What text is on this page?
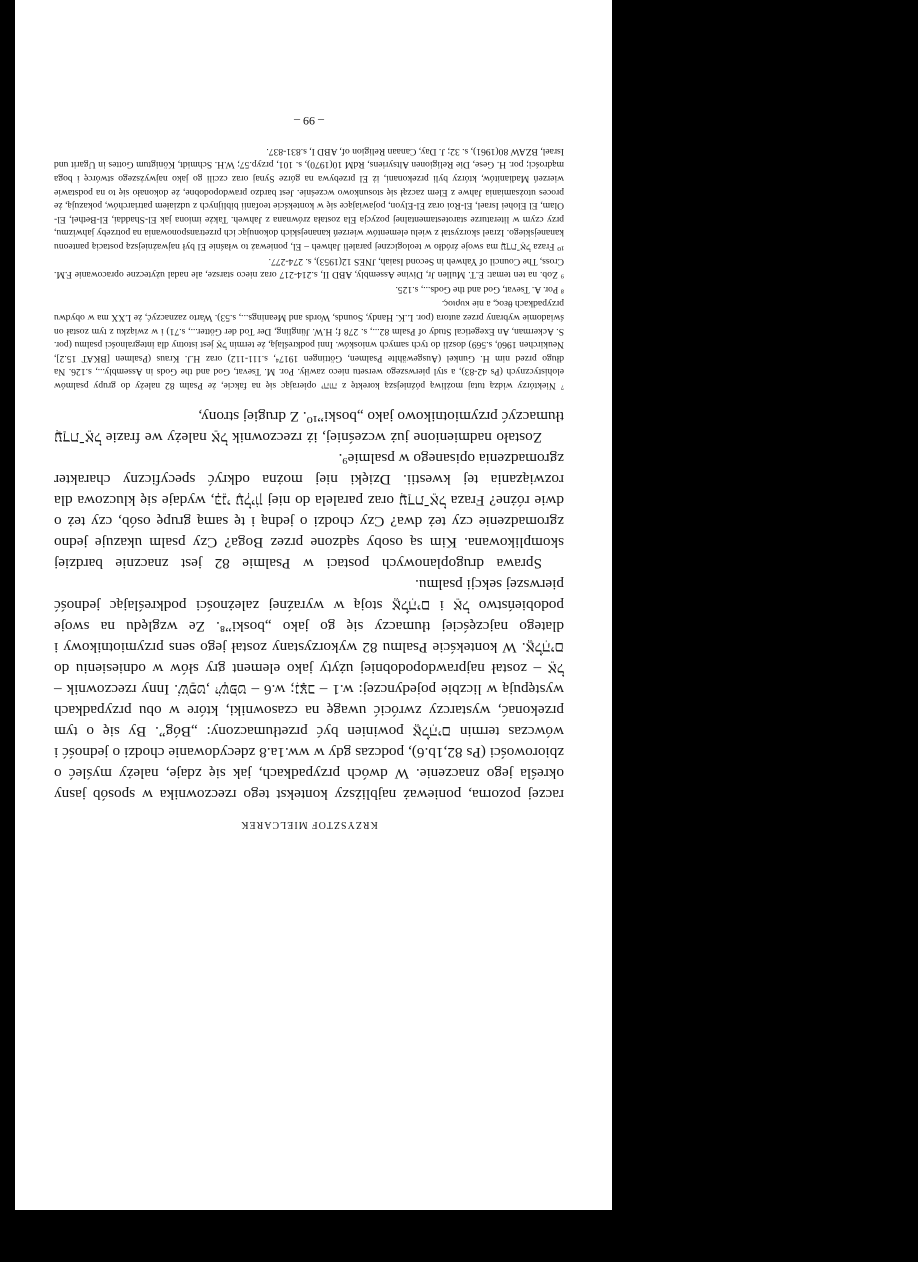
KRZYSZTOF MIELCAREK

raczej pozorna, ponieważ najbliższy kontekst tego rzeczownika w sposób jasny określa jego znaczenie. W dwóch przypadkach, jak się zdaje, należy myśleć o zbiorowości (Ps 82,1b.6), podczas gdy w ww.1a.8 zdecydowanie chodzi o jedność i wówczas termin אֱלֹהִים powinien być przetłumaczony: „Bóg”. By się o tym przekonać, wystarczy zwrócić uwagę na czasowniki, które w obu przypadkach występują w liczbie pojedynczej: w.1 – נִצָּב; w.6 – שֹׁפֵט, יִשְׁפֹּט. Inny rzeczownik – אֵל – został najprawdopodobniej użyty jako element gry słów w odniesieniu do אֱלֹהִים. W kontekście Psalmu 82 wykorzystany został jego sens przymiotnikowy i dlatego najczęściej tłumaczy się go jako „boski”⁸. Ze względu na swoje podobieństwo אֵל i אֱלֹהִים stoją w wyraźnej zależności podkreślając jedność pierwszej sekcji psalmu.

Sprawa drugoplanowych postaci w Psalmie 82 jest znacznie bardziej skomplikowana. Kim są osoby sądzone przez Boga? Czy psalm ukazuje jedno zgromadzenie czy też dwa? Czy chodzi o jedną i tę samą grupę osób, czy też o dwie różne? Fraza עֲדַת־אֵל oraz paralela do niej בְּנֵי עֶלְיוֹן, wydaje się kluczowa dla rozwiązania tej kwestii. Dzięki niej można odkryć specyficzny charakter zgromadzenia opisanego w psalmie⁹.

Zostało nadmienione już wcześniej, iż rzeczownik אֵל należy we frazie עֲדַת־אֵל tłumaczyć przymiotnikowo jako „boski”¹⁰. Z drugiej strony,

⁷ Niektórzy widzą tutaj możliwą późniejszą korektę z יהוה opierając się na fakcie, że Psalm 82 należy do grupy psalmów elohistycznych (Ps 42-83), a styl pierwszego wersetu nieco zawiły. Por. M. Tsevat, God and the Gods in Assembly..., s.126. Na długo przed nim H. Gunkel (Ausgewählte Psalmen, Göttingen 1917⁴, s.111-112) oraz H.J. Kraus (Psalmen [BKAT 15.2], Neukirchen 1960, s.569) doszli do tych samych wniosków. Inni podkreślają, że termin אֵל jest istotny dla integralności psalmu (por. S. Ackerman, An Exegetical Study of Psalm 82..., s. 278 f; H.W. Jüngling, Der Tod der Götter..., s.71) i w związku z tym został on świadomie wybrany przez autora (por. L.K. Handy, Sounds, Words and Meanings..., s.53). Warto zaznaczyć, że LXX ma w obydwu przypadkach θεος, a nie κυριος.

⁸ Por. A. Tsevat, God and the Gods..., s.125.

⁹ Zob. na ten temat: E.T. Mullen Jr, Divine Assembly, ABD II, s.214-217 oraz nieco starsze, ale nadal użyteczne opracowanie F.M. Cross, The Council of Yahweh in Second Isaiah, JNES 12(1953), s. 274-277.

¹⁰ Fraza עֲדַת־אֵל ma swoje źródło w teologicznej paraleli Jahweh – El, ponieważ to właśnie El był najważniejszą postacią panteonu kananejskiego. Izrael skorzystał z wielu elementów wierzeń kananejskich dokonując ich przetransponowania na potrzeby jahwizmu, przy czym w literaturze starotestamentalnej pozycja Ela została zrównana z Jahweh. Także imiona jak El-Shaddai, El-Bethel, El-Olam, El Elohei Israel, El-Roi oraz El-Elyon, pojawiające się w kontekście teofanii biblijnych z udziałem patriarchów, pokazują, że proces utożsamiania Jahwe z Elem zaczął się stosunkowo wcześnie. Jest bardzo prawdopodobne, że dokonało się to na podstawie wierzeń Madianitów, którzy byli przekonani, iż El przebywa na górze Synaj oraz czcili go jako najwyższego stwórcę i boga mądrości; por. H. Gese, Die Religionen Altsyriens, RdM 10(1970), s. 101, przyp.57; W.H. Schmidt, Königtum Gottes in Ugarit und Israel, BZAW 80(1961), s. 32; J. Day, Canaan Religion of, ABD I, s.831-837.

– 99 –
